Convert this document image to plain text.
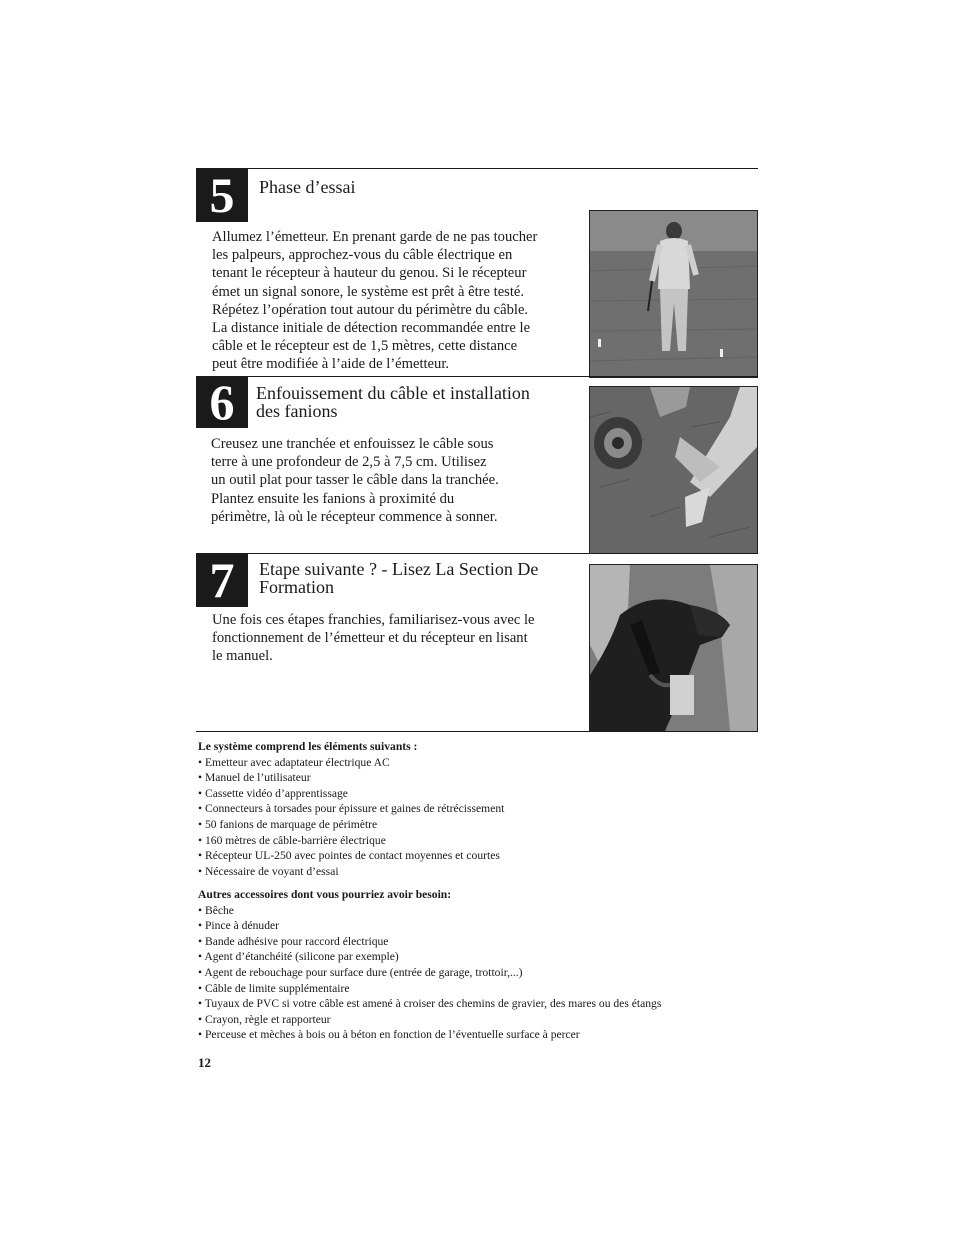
5	Phase d’essai
Allumez l’émetteur. En prenant garde de ne pas toucher
les palpeurs, approchez-vous du câble électrique en
tenant le récepteur à hauteur du genou. Si le récepteur
émet un signal sonore, le système est prêt à être testé.
Répétez l’opération tout autour du périmètre du câble.
La distance initiale de détection recommandée entre le
câble et le récepteur est de 1,5 mètres, cette distance
peut être modifiée à l’aide de l’émetteur.
6	Enfouissement du câble et installation
des fanions
Creusez une tranchée et enfouissez le câble sous
terre à une profondeur de 2,5 à 7,5 cm. Utilisez
un outil plat pour tasser le câble dans la tranchée.
Plantez ensuite les fanions à proximité du
périmètre, là où le récepteur commence à sonner.
7	Etape suivante ? - Lisez La Section De
Formation
Une fois ces étapes franchies, familiarisez-vous avec le
fonctionnement de l’émetteur et du récepteur en lisant
le manuel.
Le système comprend les éléments suivants :
• Emetteur avec adaptateur électrique AC
• Manuel de l’utilisateur
• Cassette vidéo d’apprentissage
• Connecteurs à torsades pour épissure et gaines de rétrécissement
• 50 fanions de marquage de périmètre
• 160 mètres de câble-barrière électrique
• Récepteur UL-250 avec pointes de contact moyennes et courtes
• Nécessaire de voyant d’essai
Autres accessoires dont vous pourriez avoir besoin:
• Bêche
• Pince à dénuder
• Bande adhésive pour raccord électrique
• Agent d’étanchéité (silicone par exemple)
• Agent de rebouchage pour surface dure (entrée de garage, trottoir,...)
• Câble de limite supplémentaire
• Tuyaux de PVC si votre câble est amené à croiser des chemins de gravier, des mares ou des étangs
• Crayon, règle et rapporteur
• Perceuse et mèches à bois ou à béton en fonction de l’éventuelle surface à percer
12
